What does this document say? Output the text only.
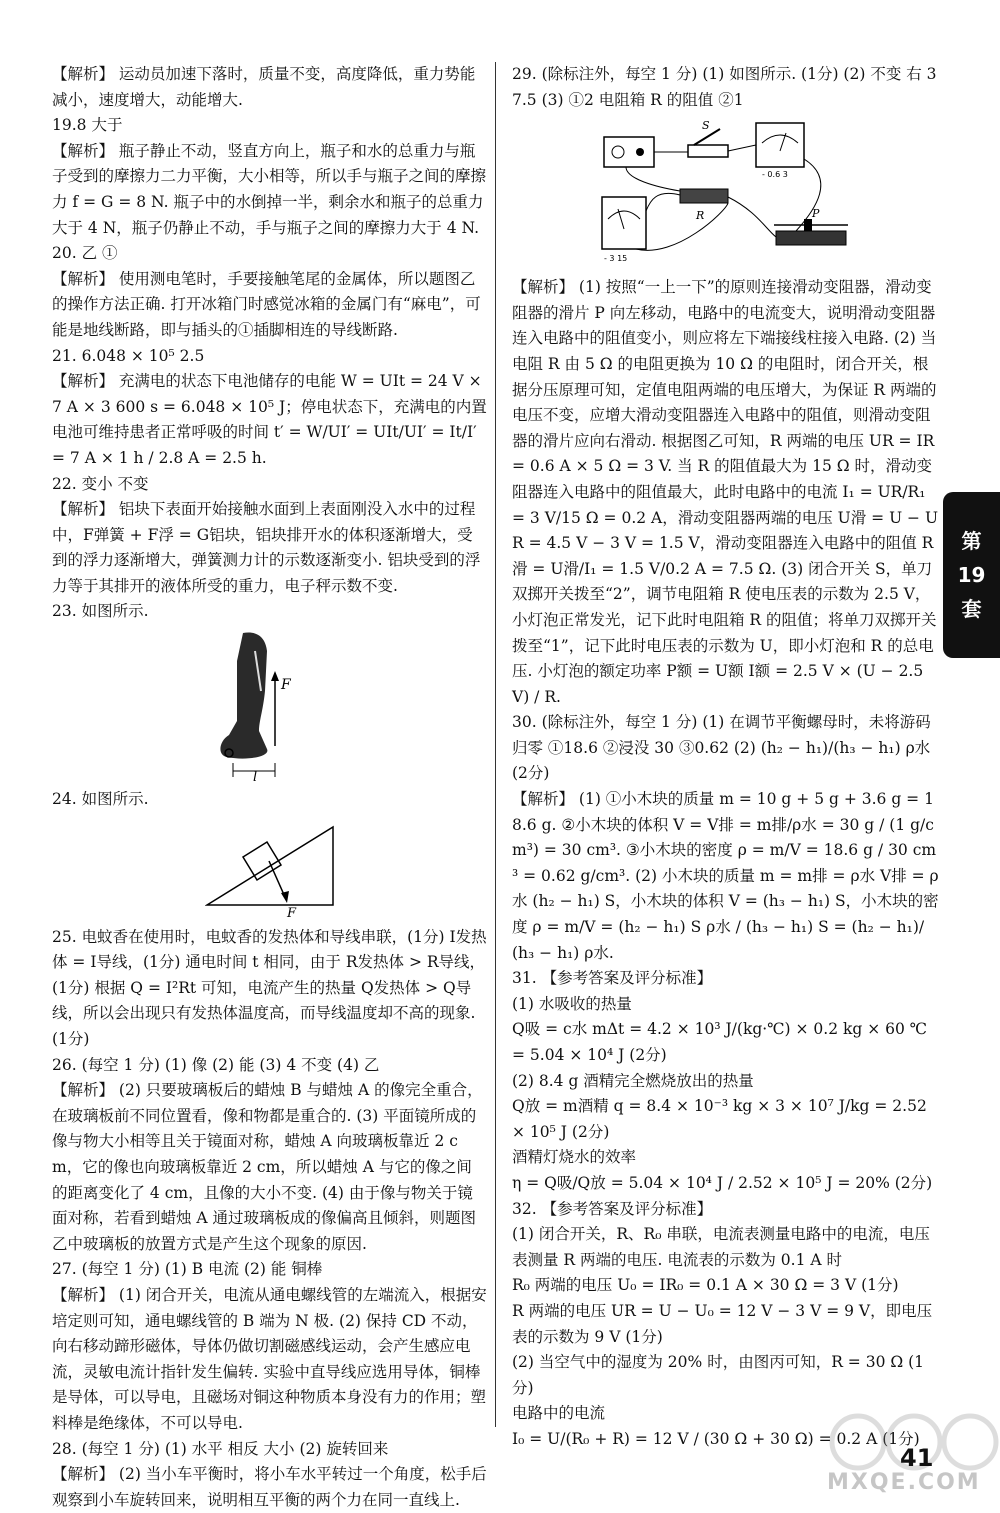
【解析】 运动员加速下落时，质量不变，高度降低，重力势能减小，速度增大，动能增大.

19.8 大于

【解析】 瓶子静止不动，竖直方向上，瓶子和水的总重力与瓶子受到的摩擦力二力平衡，大小相等，所以手与瓶子之间的摩擦力 f = G = 8 N. 瓶子中的水倒掉一半，剩余水和瓶子的总重力大于 4 N，瓶子仍静止不动，手与瓶子之间的摩擦力大于 4 N.

20. 乙 ①

【解析】 使用测电笔时，手要接触笔尾的金属体，所以题图乙的操作方法正确. 打开冰箱门时感觉冰箱的金属门有“麻电”，可能是地线断路，即与插头的①插脚相连的导线断路.

21. 6.048 × 10⁵ 2.5

【解析】 充满电的状态下电池储存的电能 W = UIt = 24 V × 7 A × 3 600 s = 6.048 × 10⁵ J；停电状态下，充满电的内置电池可维持患者正常呼吸的时间 t′ = W/UI′ = UIt/UI′ = It/I′ = 7 A × 1 h / 2.8 A = 2.5 h.

22. 变小 不变

【解析】 铝块下表面开始接触水面到上表面刚没入水中的过程中，F弹簧 + F浮 = G铝块，铝块排开水的体积逐渐增大，受到的浮力逐渐增大，弹簧测力计的示数逐渐变小. 铝块受到的浮力等于其排开的液体所受的重力，电子秤示数不变.

23. 如图所示.

F
l

24. 如图所示.

F

25. 电蚊香在使用时，电蚊香的发热体和导线串联，(1分) I发热体 = I导线，(1分) 通电时间 t 相同，由于 R发热体 > R导线，(1分) 根据 Q = I²Rt 可知，电流产生的热量 Q发热体 > Q导线，所以会出现只有发热体温度高，而导线温度却不高的现象. (1分)

26. (每空 1 分) (1) 像 (2) 能 (3) 4 不变 (4) 乙

【解析】 (2) 只要玻璃板后的蜡烛 B 与蜡烛 A 的像完全重合，在玻璃板前不同位置看，像和物都是重合的. (3) 平面镜所成的像与物大小相等且关于镜面对称，蜡烛 A 向玻璃板靠近 2 cm，它的像也向玻璃板靠近 2 cm，所以蜡烛 A 与它的像之间的距离变化了 4 cm，且像的大小不变. (4) 由于像与物关于镜面对称，若看到蜡烛 A 通过玻璃板成的像偏高且倾斜，则题图乙中玻璃板的放置方式是产生这个现象的原因.

27. (每空 1 分) (1) B 电流 (2) 能 铜棒

【解析】 (1) 闭合开关，电流从通电螺线管的左端流入，根据安培定则可知，通电螺线管的 B 端为 N 极. (2) 保持 CD 不动，向右移动蹄形磁体，导体仍做切割磁感线运动，会产生感应电流，灵敏电流计指针发生偏转. 实验中直导线应选用导体，铜棒是导体，可以导电，且磁场对铜这种物质本身没有力的作用；塑料棒是绝缘体，不可以导电.

28. (每空 1 分) (1) 水平 相反 大小 (2) 旋转回来

【解析】 (2) 当小车平衡时，将小车水平转过一个角度，松手后观察到小车旋转回来，说明相互平衡的两个力在同一直线上.

29. (除标注外，每空 1 分) (1) 如图所示. (1分) (2) 不变 右 3 7.5 (3) ①2 电阻箱 R 的阻值 ②1

S
- 0.6 3
- 3 15
R	P

【解析】 (1) 按照“一上一下”的原则连接滑动变阻器，滑动变阻器的滑片 P 向左移动，电路中的电流变大，说明滑动变阻器连入电路中的阻值变小，则应将左下端接线柱接入电路. (2) 当电阻 R 由 5 Ω 的电阻更换为 10 Ω 的电阻时，闭合开关，根据分压原理可知，定值电阻两端的电压增大，为保证 R 两端的电压不变，应增大滑动变阻器连入电路中的阻值，则滑动变阻器的滑片应向右滑动. 根据图乙可知，R 两端的电压 UR = IR = 0.6 A × 5 Ω = 3 V. 当 R 的阻值最大为 15 Ω 时，滑动变阻器连入电路中的阻值最大，此时电路中的电流 I₁ = UR/R₁ = 3 V/15 Ω = 0.2 A，滑动变阻器两端的电压 U滑 = U − UR = 4.5 V − 3 V = 1.5 V，滑动变阻器连入电路中的阻值 R滑 = U滑/I₁ = 1.5 V/0.2 A = 7.5 Ω. (3) 闭合开关 S，单刀双掷开关拨至“2”，调节电阻箱 R 使电压表的示数为 2.5 V，小灯泡正常发光，记下此时电阻箱 R 的阻值；将单刀双掷开关拨至“1”，记下此时电压表的示数为 U，即小灯泡和 R 的总电压. 小灯泡的额定功率 P额 = U额 I额 = 2.5 V × (U − 2.5 V) / R.

30. (除标注外，每空 1 分) (1) 在调节平衡螺母时，未将游码归零 ①18.6 ②浸没 30 ③0.62 (2) (h₂ − h₁)/(h₃ − h₁) ρ水 (2分)

【解析】 (1) ①小木块的质量 m = 10 g + 5 g + 3.6 g = 18.6 g. ②小木块的体积 V = V排 = m排/ρ水 = 30 g / (1 g/cm³) = 30 cm³. ③小木块的密度 ρ = m/V = 18.6 g / 30 cm³ = 0.62 g/cm³. (2) 小木块的质量 m = m排 = ρ水 V排 = ρ水 (h₂ − h₁) S，小木块的体积 V = (h₃ − h₁) S，小木块的密度 ρ = m/V = (h₂ − h₁) S ρ水 / (h₃ − h₁) S = (h₂ − h₁)/(h₃ − h₁) ρ水.

31. 【参考答案及评分标准】

(1) 水吸收的热量

Q吸 = c水 mΔt = 4.2 × 10³ J/(kg·℃) × 0.2 kg × 60 ℃ = 5.04 × 10⁴ J (2分)

(2) 8.4 g 酒精完全燃烧放出的热量

Q放 = m酒精 q = 8.4 × 10⁻³ kg × 3 × 10⁷ J/kg = 2.52 × 10⁵ J (2分)

酒精灯烧水的效率

η = Q吸/Q放 = 5.04 × 10⁴ J / 2.52 × 10⁵ J = 20% (2分)

32. 【参考答案及评分标准】

(1) 闭合开关，R、R₀ 串联，电流表测量电路中的电流，电压表测量 R 两端的电压. 电流表的示数为 0.1 A 时

R₀ 两端的电压 U₀ = IR₀ = 0.1 A × 30 Ω = 3 V (1分)

R 两端的电压 UR = U − U₀ = 12 V − 3 V = 9 V，即电压表的示数为 9 V (1分)

(2) 当空气中的湿度为 20% 时，由图丙可知，R = 30 Ω (1分)

电路中的电流

I₀ = U/(R₀ + R) = 12 V / (30 Ω + 30 Ω) = 0.2 A (1分)

第
19
套
MXQE.COM
41
